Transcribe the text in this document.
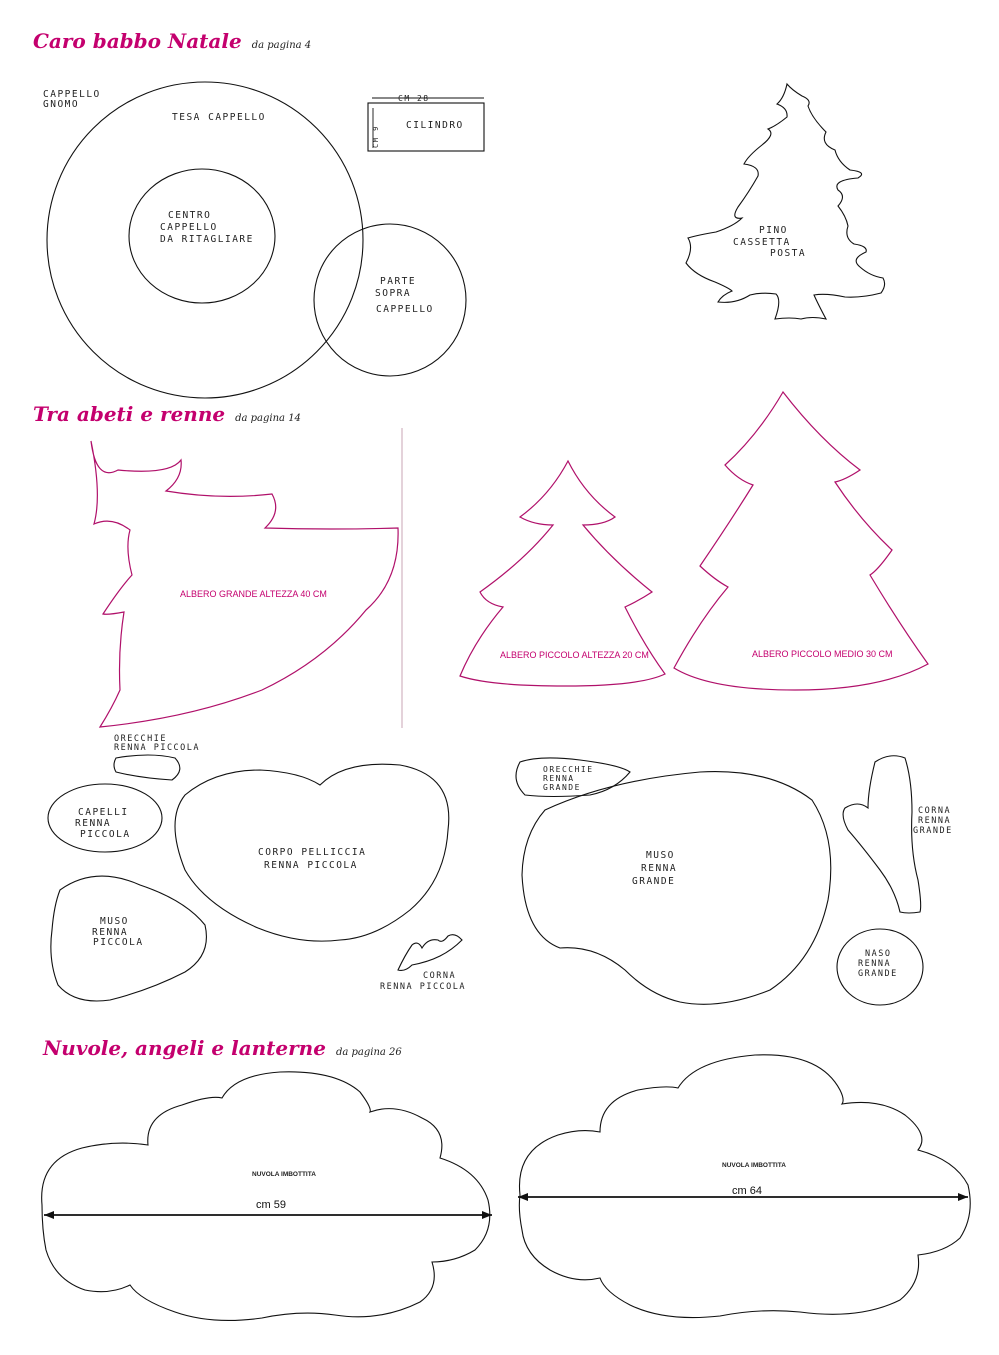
Caro babbo Natale da pagina 4
CAPPELLO
GNOMO
TESA CAPPELLO
CENTRO
CAPPELLO
DA RITAGLIARE
PARTE
SOPRA
CAPPELLO
CILINDRO
CM 28
CM 9
PINO
CASSETTA
POSTA
Tra abeti e renne da pagina 14
ALBERO GRANDE ALTEZZA 40 CM
ALBERO PICCOLO ALTEZZA 20 CM	ALBERO PICCOLO MEDIO 30 CM
ORECCHIE
RENNA PICCOLA
CAPELLI
RENNA
PICCOLA
CORPO PELLICCIA
RENNA PICCOLA
MUSO
RENNA
PICCOLA
CORNA
RENNA PICCOLA
ORECCHIE
RENNA
GRANDE
MUSO
RENNA
GRANDE
CORNA
RENNA
GRANDE
NASO
RENNA
GRANDE
Nuvole, angeli e lanterne da pagina 26
NUVOLA IMBOTTITA
cm 59
NUVOLA IMBOTTITA
cm 64
